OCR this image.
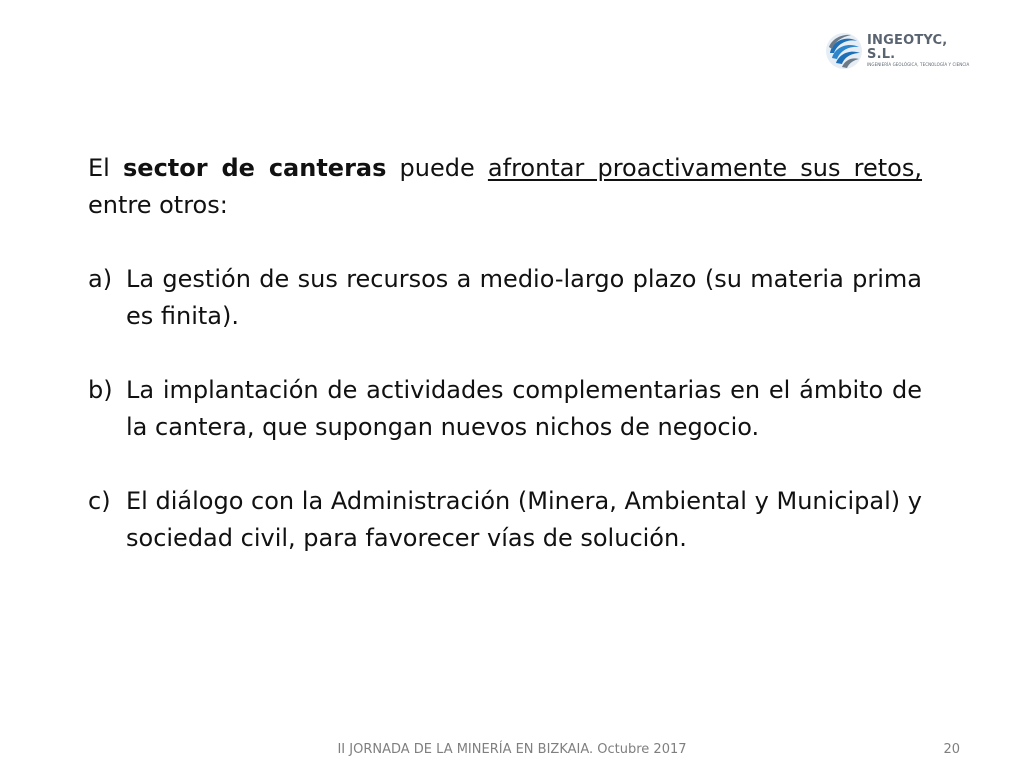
INGEOTYC, S.L.
INGENIERÍA GEOLÓGICA, TECNOLOGÍA Y CIENCIA

El sector de canteras puede afrontar proactivamente sus retos, entre otros:

a) La gestión de sus recursos a medio-largo plazo (su materia prima es finita).
b) La implantación de actividades complementarias en el ámbito de la cantera, que supongan nuevos nichos de negocio.
c) El diálogo con la Administración (Minera, Ambiental y Municipal) y sociedad civil, para favorecer vías de solución.
II JORNADA DE LA MINERÍA EN BIZKAIA. Octubre 2017	20
